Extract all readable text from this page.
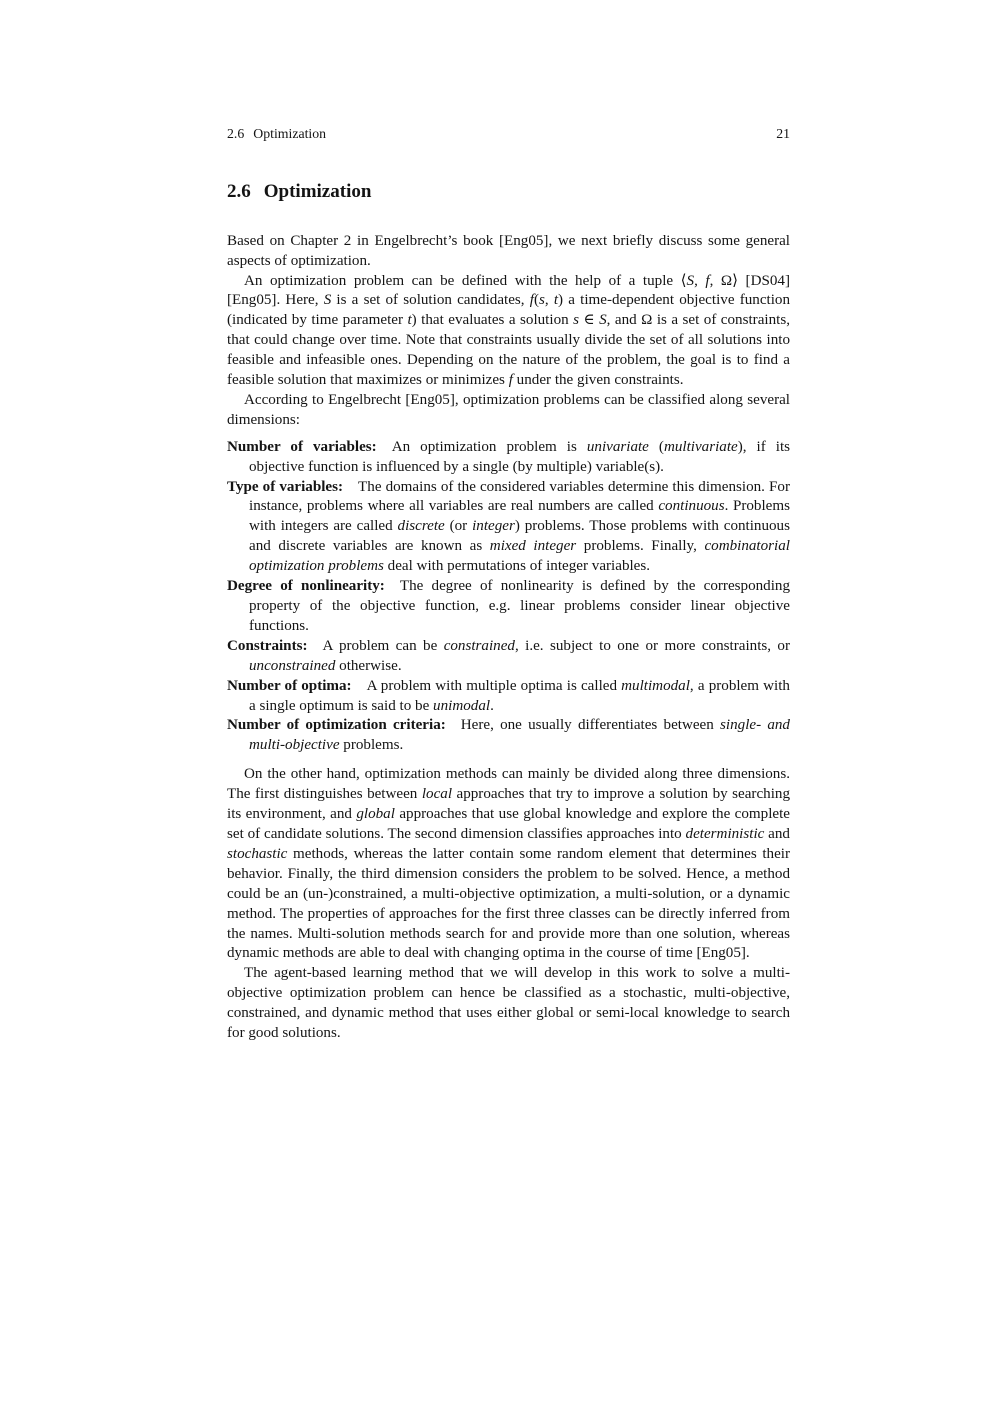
2.6 Optimization	21
2.6 Optimization

Based on Chapter 2 in Engelbrecht’s book [Eng05], we next briefly discuss some general aspects of optimization.

An optimization problem can be defined with the help of a tuple ⟨S, f, Ω⟩ [DS04] [Eng05]. Here, S is a set of solution candidates, f(s, t) a time-dependent objective function (indicated by time parameter t) that evaluates a solution s ∈ S, and Ω is a set of constraints, that could change over time. Note that constraints usually divide the set of all solutions into feasible and infeasible ones. Depending on the nature of the problem, the goal is to find a feasible solution that maximizes or minimizes f under the given constraints.

According to Engelbrecht [Eng05], optimization problems can be classified along several dimensions:

Number of variables: An optimization problem is univariate (multivariate), if its objective function is influenced by a single (by multiple) variable(s).

Type of variables: The domains of the considered variables determine this dimension. For instance, problems where all variables are real numbers are called continuous. Problems with integers are called discrete (or integer) problems. Those problems with continuous and discrete variables are known as mixed integer problems. Finally, combinatorial optimization problems deal with permutations of integer variables.

Degree of nonlinearity: The degree of nonlinearity is defined by the corresponding property of the objective function, e.g. linear problems consider linear objective functions.

Constraints: A problem can be constrained, i.e. subject to one or more constraints, or unconstrained otherwise.

Number of optima: A problem with multiple optima is called multimodal, a problem with a single optimum is said to be unimodal.

Number of optimization criteria: Here, one usually differentiates between single- and multi-objective problems.

On the other hand, optimization methods can mainly be divided along three dimensions. The first distinguishes between local approaches that try to improve a solution by searching its environment, and global approaches that use global knowledge and explore the complete set of candidate solutions. The second dimension classifies approaches into deterministic and stochastic methods, whereas the latter contain some random element that determines their behavior. Finally, the third dimension considers the problem to be solved. Hence, a method could be an (un-)constrained, a multi-objective optimization, a multi-solution, or a dynamic method. The properties of approaches for the first three classes can be directly inferred from the names. Multi-solution methods search for and provide more than one solution, whereas dynamic methods are able to deal with changing optima in the course of time [Eng05].

The agent-based learning method that we will develop in this work to solve a multi-objective optimization problem can hence be classified as a stochastic, multi-objective, constrained, and dynamic method that uses either global or semi-local knowledge to search for good solutions.
